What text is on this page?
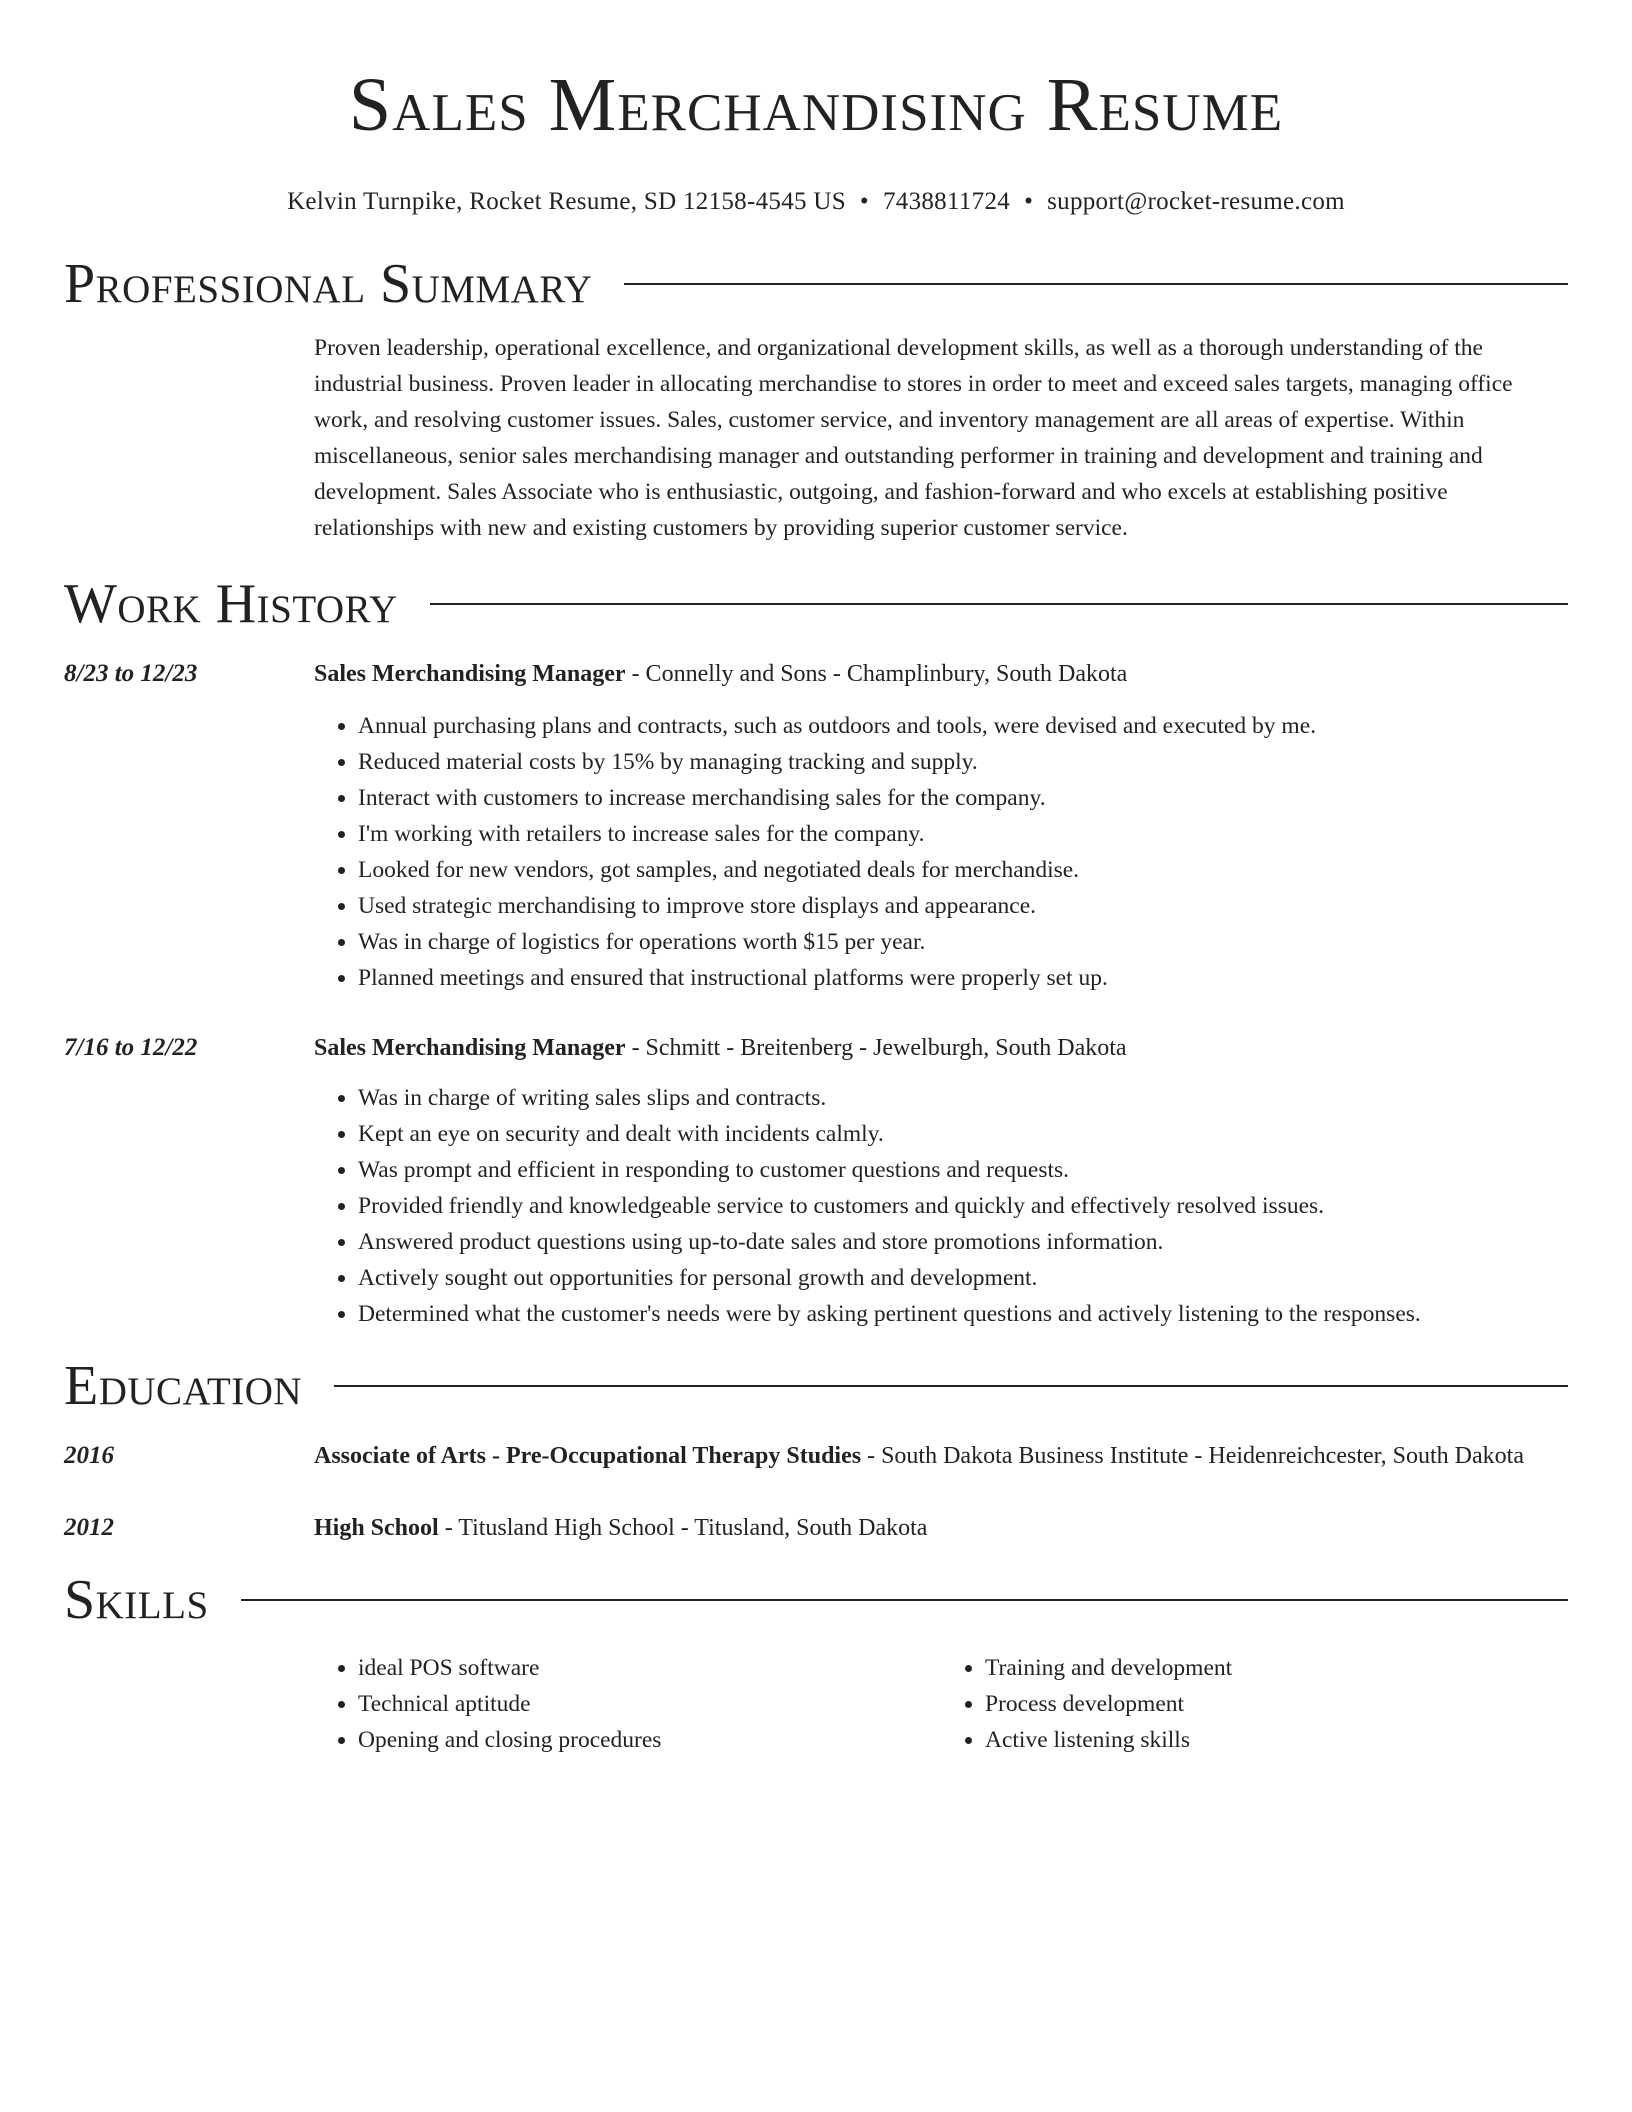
Sales Merchandising Resume
Kelvin Turnpike, Rocket Resume, SD 12158-4545 US • 7438811724 • support@rocket-resume.com
Professional Summary
Proven leadership, operational excellence, and organizational development skills, as well as a thorough understanding of the industrial business. Proven leader in allocating merchandise to stores in order to meet and exceed sales targets, managing office work, and resolving customer issues. Sales, customer service, and inventory management are all areas of expertise. Within miscellaneous, senior sales merchandising manager and outstanding performer in training and development and training and development. Sales Associate who is enthusiastic, outgoing, and fashion-forward and who excels at establishing positive relationships with new and existing customers by providing superior customer service.
Work History
8/23 to 12/23	Sales Merchandising Manager - Connelly and Sons - Champlinbury, South Dakota
• Annual purchasing plans and contracts, such as outdoors and tools, were devised and executed by me.
• Reduced material costs by 15% by managing tracking and supply.
• Interact with customers to increase merchandising sales for the company.
• I'm working with retailers to increase sales for the company.
• Looked for new vendors, got samples, and negotiated deals for merchandise.
• Used strategic merchandising to improve store displays and appearance.
• Was in charge of logistics for operations worth $15 per year.
• Planned meetings and ensured that instructional platforms were properly set up.
7/16 to 12/22	Sales Merchandising Manager - Schmitt - Breitenberg - Jewelburgh, South Dakota
• Was in charge of writing sales slips and contracts.
• Kept an eye on security and dealt with incidents calmly.
• Was prompt and efficient in responding to customer questions and requests.
• Provided friendly and knowledgeable service to customers and quickly and effectively resolved issues.
• Answered product questions using up-to-date sales and store promotions information.
• Actively sought out opportunities for personal growth and development.
• Determined what the customer's needs were by asking pertinent questions and actively listening to the responses.
Education
2016	Associate of Arts - Pre-Occupational Therapy Studies - South Dakota Business Institute - Heidenreichcester, South Dakota
2012	High School - Titusland High School - Titusland, South Dakota
Skills
• ideal POS software
• Technical aptitude
• Opening and closing procedures
• Training and development
• Process development
• Active listening skills
